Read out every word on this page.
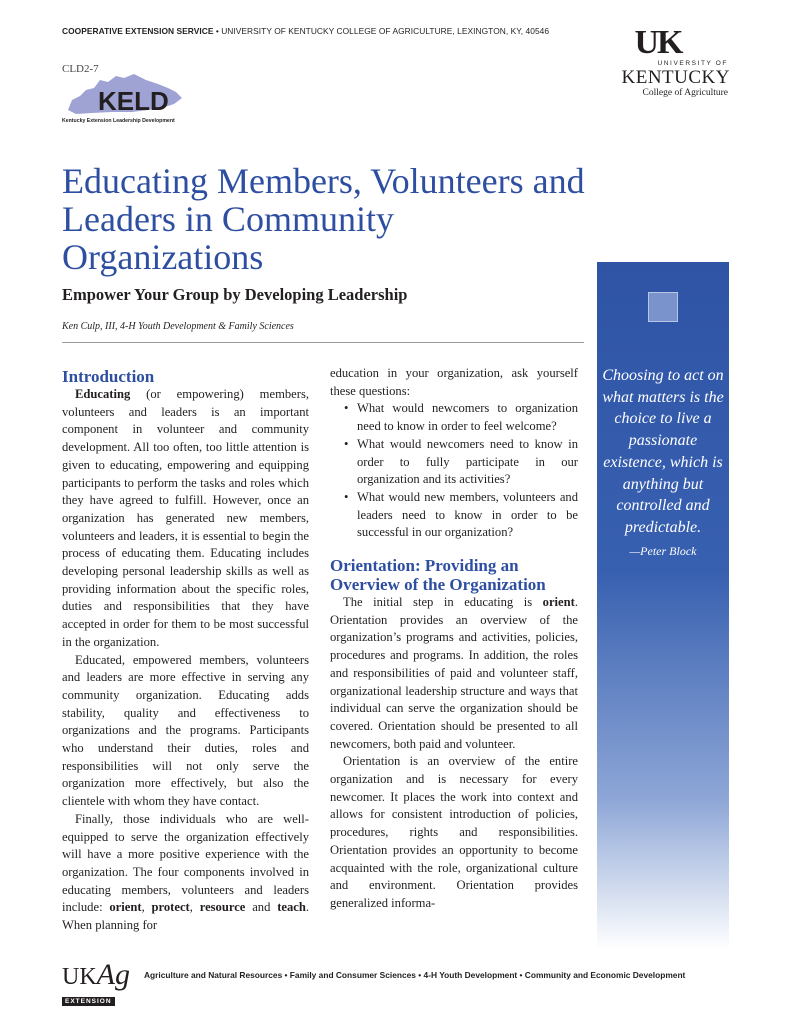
COOPERATIVE EXTENSION SERVICE • UNIVERSITY OF KENTUCKY COLLEGE OF AGRICULTURE, LEXINGTON, KY, 40546
CLD2-7
KELD
Kentucky Extension Leadership Development
UK
UNIVERSITY OF
KENTUCKY
College of Agriculture
Educating Members, Volunteers and Leaders in Community Organizations
Empower Your Group by Developing Leadership
Ken Culp, III, 4-H Youth Development & Family Sciences
Introduction

Educating (or empowering) members, volunteers and leaders is an important component in volunteer and community development. All too often, too little attention is given to educating, empowering and equipping participants to perform the tasks and roles which they have agreed to fulfill. However, once an organization has generated new members, volunteers and leaders, it is essential to begin the process of educating them. Educating includes developing personal leadership skills as well as providing information about the specific roles, duties and responsibilities that they have accepted in order for them to be most successful in the organization.

Educated, empowered members, volunteers and leaders are more effective in serving any community organization. Educating adds stability, quality and effectiveness to organizations and the programs. Participants who understand their duties, roles and responsibilities will not only serve the organization more effectively, but also the clientele with whom they have contact.

Finally, those individuals who are well-equipped to serve the organization effectively will have a more positive experience with the organization. The four components involved in educating members, volunteers and leaders include: orient, protect, resource and teach. When planning for

education in your organization, ask yourself these questions:

• What would newcomers to organization need to know in order to feel welcome?
• What would newcomers need to know in order to fully participate in our organization and its activities?
• What would new members, volunteers and leaders need to know in order to be successful in our organization?
Orientation: Providing an Overview of the Organization

The initial step in educating is orient. Orientation provides an overview of the organization’s programs and activities, policies, procedures and programs. In addition, the roles and responsibilities of paid and volunteer staff, organizational leadership structure and ways that individual can serve the organization should be covered. Orientation should be presented to all newcomers, both paid and volunteer.

Orientation is an overview of the entire organization and is necessary for every newcomer. It places the work into context and allows for consistent introduction of policies, procedures, rights and responsibilities. Orientation provides an opportunity to become acquainted with the role, organizational culture and environment. Orientation provides generalized informa-

Choosing to act on what matters is the choice to live a passionate existence, which is anything but controlled and predictable.
—Peter Block
UKAg
EXTENSION
Agriculture and Natural Resources • Family and Consumer Sciences • 4-H Youth Development • Community and Economic Development
